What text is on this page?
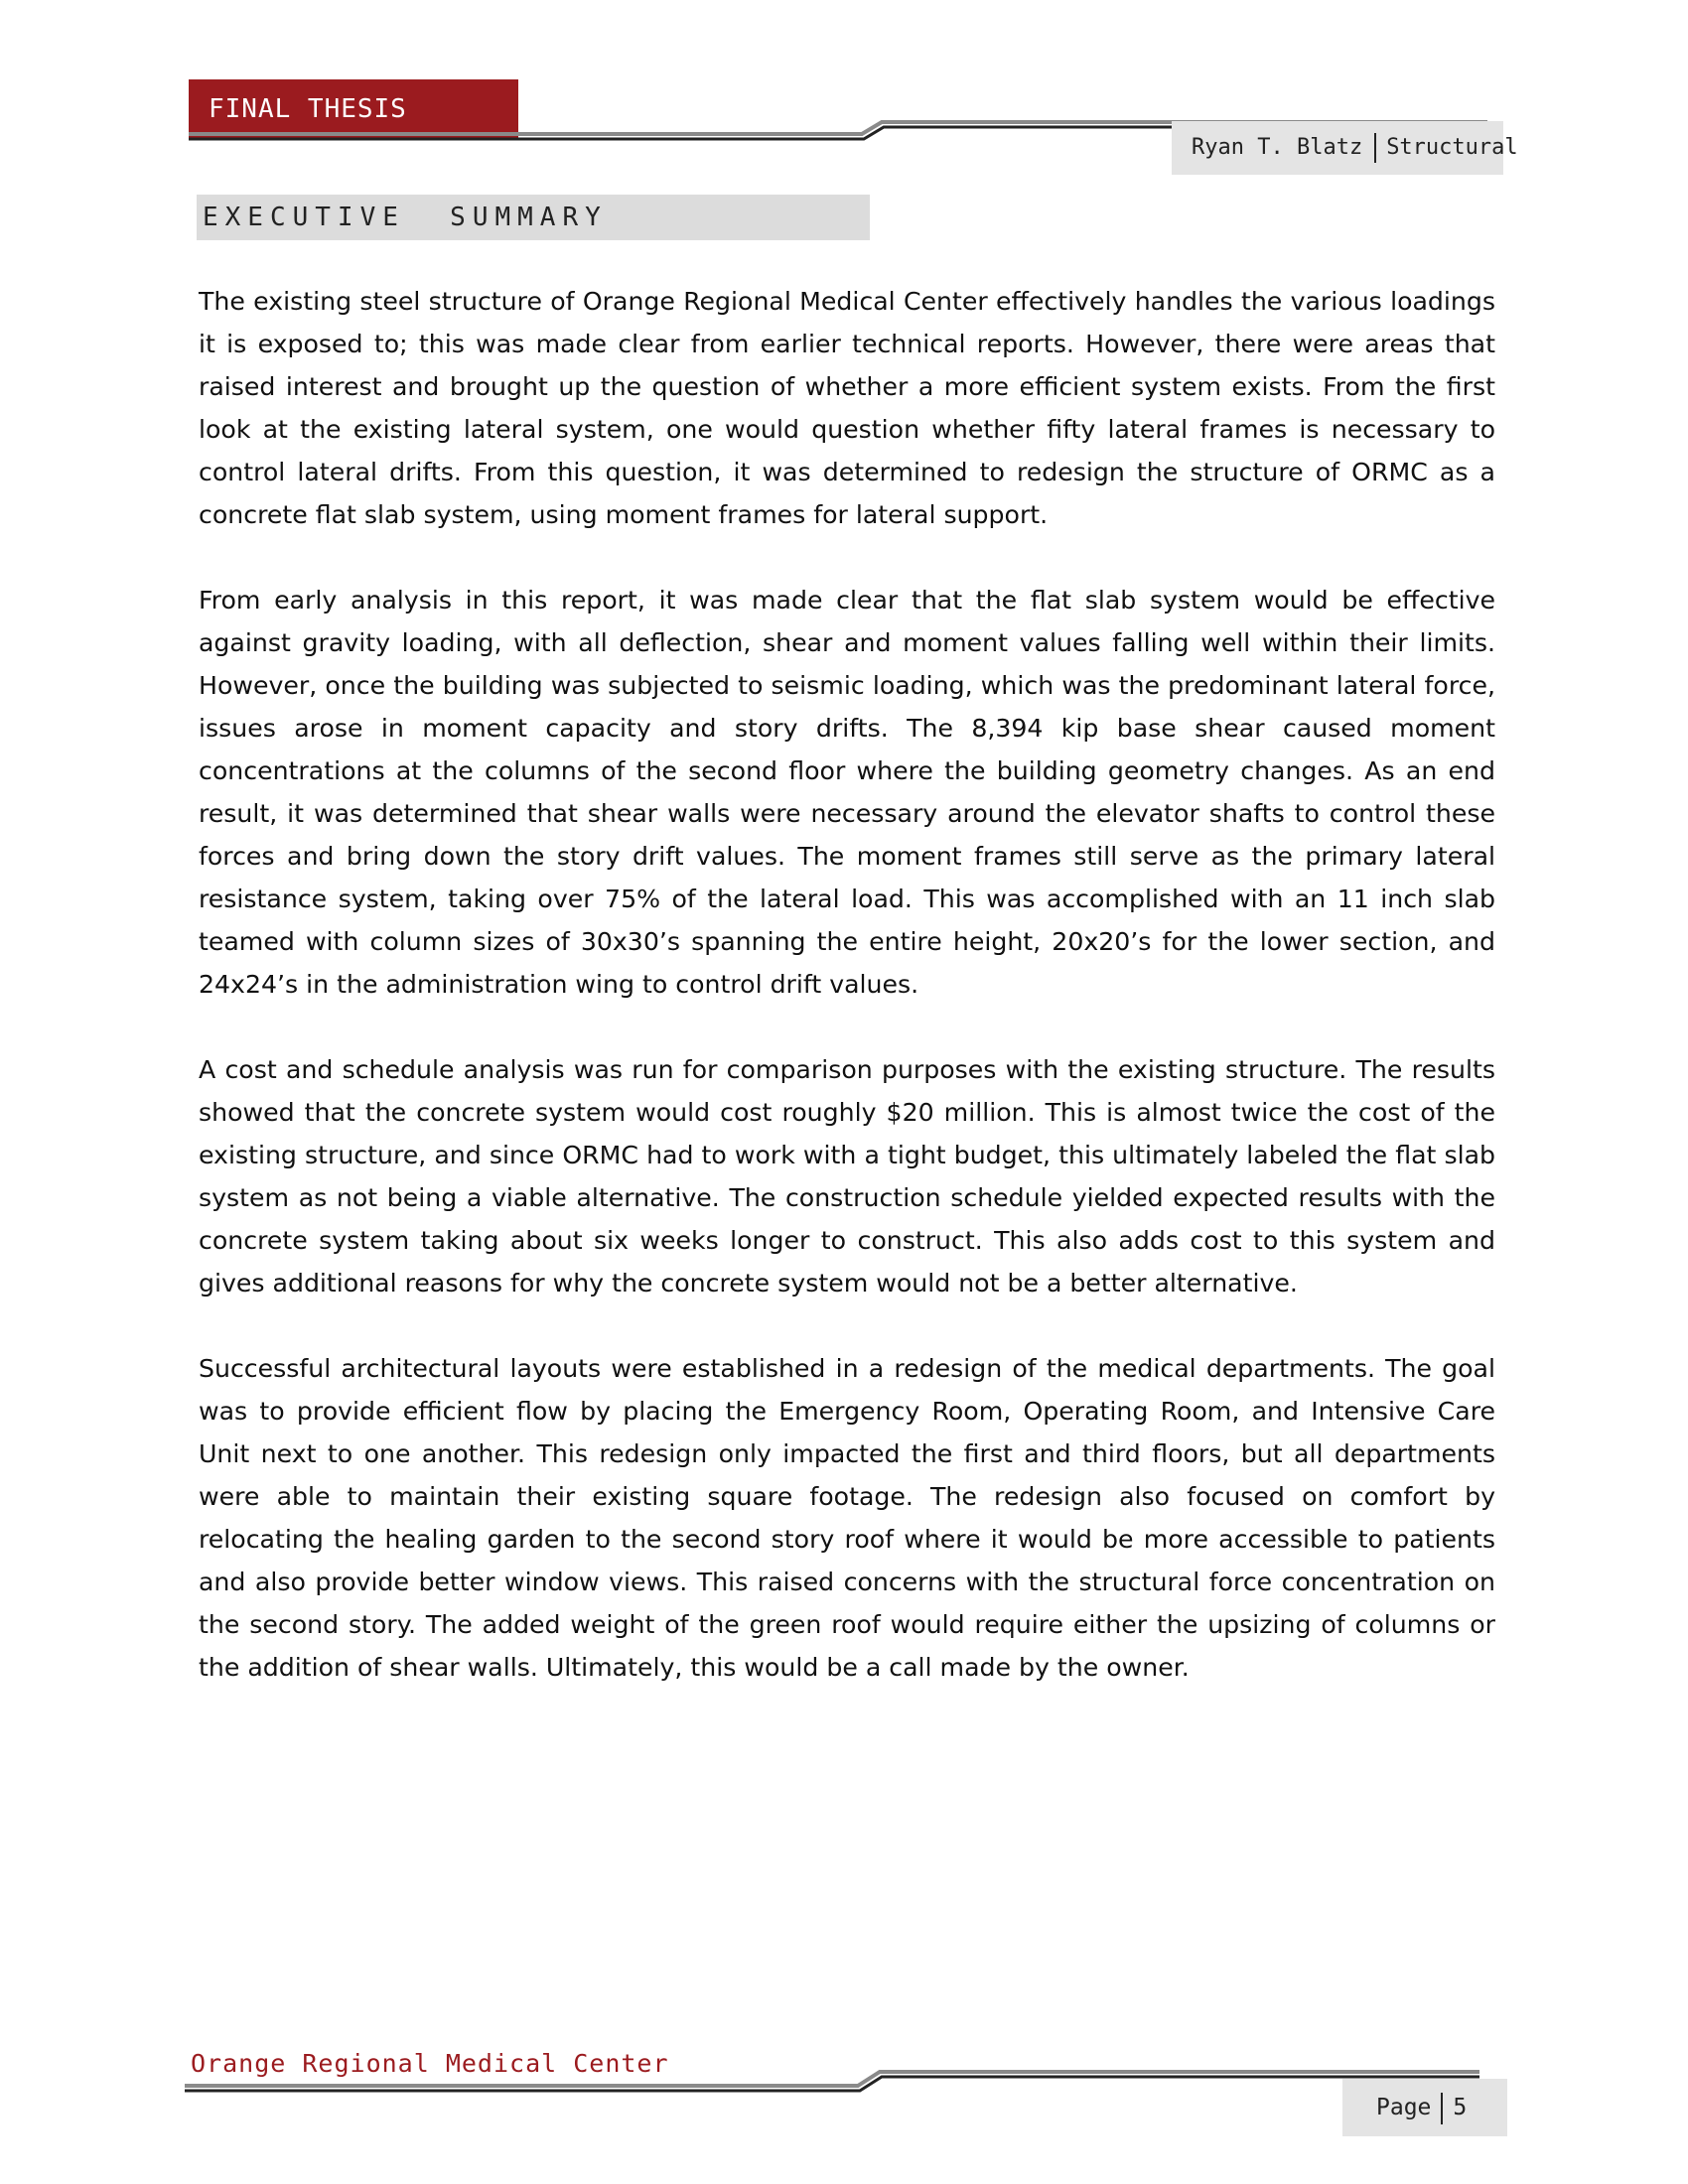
FINAL THESIS REPORT
Ryan T. Blatz Structural
EXECUTIVE  SUMMARY

The existing steel structure of Orange Regional Medical Center effectively handles the various loadings it is exposed to; this was made clear from earlier technical reports. However, there were areas that raised interest and brought up the question of whether a more efficient system exists. From the first look at the existing lateral system, one would question whether fifty lateral frames is necessary to control lateral drifts. From this question, it was determined to redesign the structure of ORMC as a concrete flat slab system, using moment frames for lateral support.

From early analysis in this report, it was made clear that the flat slab system would be effective against gravity loading, with all deflection, shear and moment values falling well within their limits. However, once the building was subjected to seismic loading, which was the predominant lateral force, issues arose in moment capacity and story drifts. The 8,394 kip base shear caused moment concentrations at the columns of the second floor where the building geometry changes. As an end result, it was determined that shear walls were necessary around the elevator shafts to control these forces and bring down the story drift values. The moment frames still serve as the primary lateral resistance system, taking over 75% of the lateral load. This was accomplished with an 11 inch slab teamed with column sizes of 30x30’s spanning the entire height, 20x20’s for the lower section, and 24x24’s in the administration wing to control drift values.

A cost and schedule analysis was run for comparison purposes with the existing structure. The results showed that the concrete system would cost roughly $20 million. This is almost twice the cost of the existing structure, and since ORMC had to work with a tight budget, this ultimately labeled the flat slab system as not being a viable alternative. The construction schedule yielded expected results with the concrete system taking about six weeks longer to construct. This also adds cost to this system and gives additional reasons for why the concrete system would not be a better alternative.

Successful architectural layouts were established in a redesign of the medical departments. The goal was to provide efficient flow by placing the Emergency Room, Operating Room, and Intensive Care Unit next to one another. This redesign only impacted the first and third floors, but all departments were able to maintain their existing square footage. The redesign also focused on comfort by relocating the healing garden to the second story roof where it would be more accessible to patients and also provide better window views. This raised concerns with the structural force concentration on the second story. The added weight of the green roof would require either the upsizing of columns or the addition of shear walls. Ultimately, this would be a call made by the owner.

Orange Regional Medical Center
Page 5
